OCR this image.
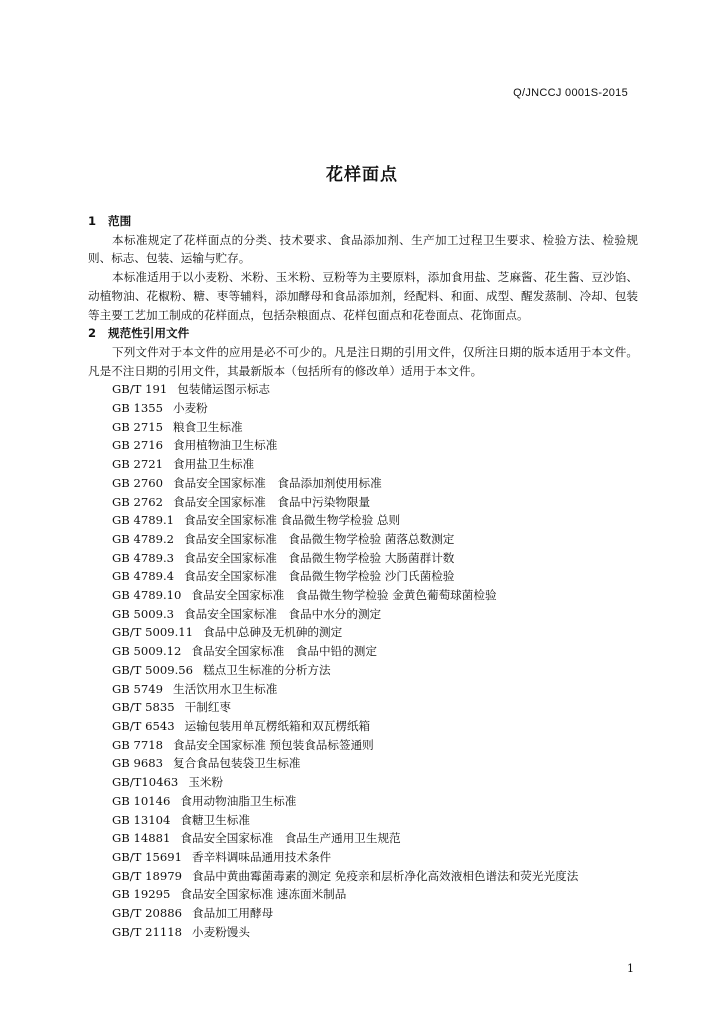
Q/JNCCJ 0001S-2015
花样面点
1 范围

本标准规定了花样面点的分类、技术要求、食品添加剂、生产加工过程卫生要求、检验方法、检验规则、标志、包装、运输与贮存。

本标准适用于以小麦粉、米粉、玉米粉、豆粉等为主要原料，添加食用盐、芝麻酱、花生酱、豆沙馅、动植物油、花椒粉、糖、枣等辅料，添加酵母和食品添加剂，经配料、和面、成型、醒发蒸制、冷却、包装等主要工艺加工制成的花样面点，包括杂粮面点、花样包面点和花卷面点、花饰面点。

2 规范性引用文件

下列文件对于本文件的应用是必不可少的。凡是注日期的引用文件，仅所注日期的版本适用于本文件。凡是不注日期的引用文件，其最新版本（包括所有的修改单）适用于本文件。

GB/T 191 包装储运图示标志
GB 1355 小麦粉
GB 2715 粮食卫生标准
GB 2716 食用植物油卫生标准
GB 2721 食用盐卫生标准
GB 2760 食品安全国家标准　食品添加剂使用标准
GB 2762 食品安全国家标准　食品中污染物限量
GB 4789.1 食品安全国家标准 食品微生物学检验 总则
GB 4789.2 食品安全国家标准　食品微生物学检验 菌落总数测定
GB 4789.3 食品安全国家标准　食品微生物学检验 大肠菌群计数
GB 4789.4 食品安全国家标准　食品微生物学检验 沙门氏菌检验
GB 4789.10 食品安全国家标准　食品微生物学检验 金黄色葡萄球菌检验
GB 5009.3 食品安全国家标准　食品中水分的测定
GB/T 5009.11 食品中总砷及无机砷的测定
GB 5009.12 食品安全国家标准　食品中铅的测定
GB/T 5009.56 糕点卫生标准的分析方法
GB 5749 生活饮用水卫生标准
GB/T 5835 干制红枣
GB/T 6543 运输包装用单瓦楞纸箱和双瓦楞纸箱
GB 7718 食品安全国家标准 预包装食品标签通则
GB 9683 复合食品包装袋卫生标准
GB/T10463 玉米粉
GB 10146 食用动物油脂卫生标准
GB 13104 食糖卫生标准
GB 14881 食品安全国家标准　食品生产通用卫生规范
GB/T 15691 香辛料调味品通用技术条件
GB/T 18979 食品中黄曲霉菌毒素的测定 免疫亲和层析净化高效液相色谱法和荧光光度法
GB 19295 食品安全国家标准 速冻面米制品
GB/T 20886 食品加工用酵母
GB/T 21118 小麦粉馒头
1
